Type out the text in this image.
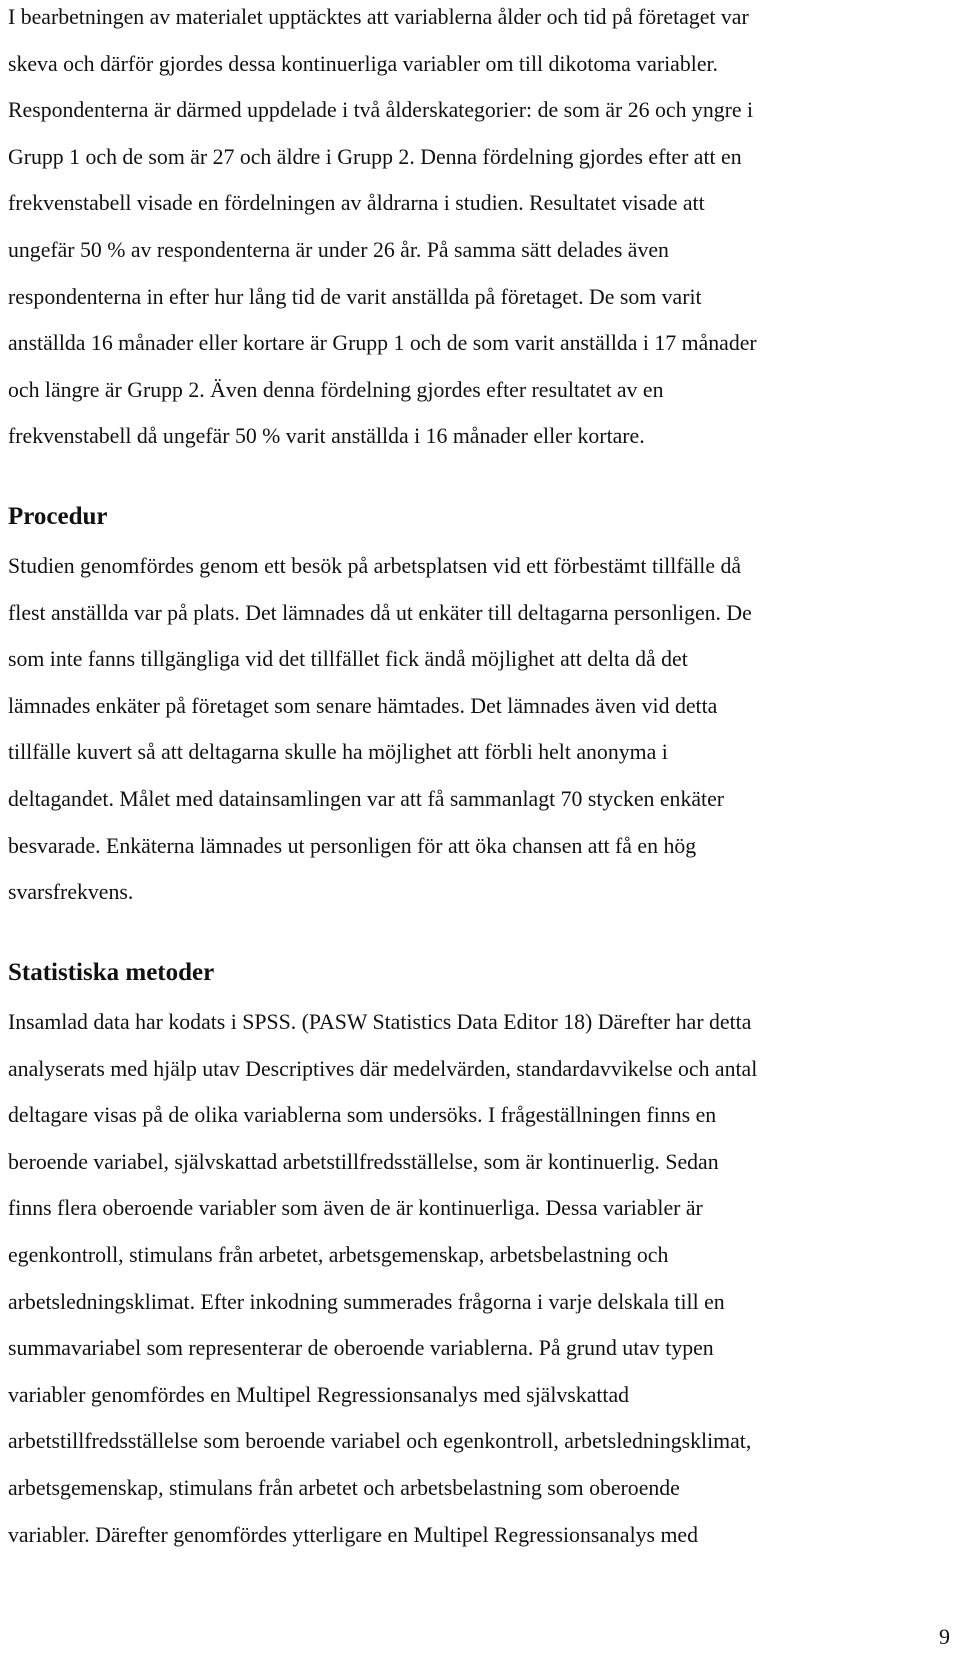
I bearbetningen av materialet upptäcktes att variablerna ålder och tid på företaget var
skeva och därför gjordes dessa kontinuerliga variabler om till dikotoma variabler.
Respondenterna är därmed uppdelade i två ålderskategorier: de som är 26 och yngre i
Grupp 1 och de som är 27 och äldre i Grupp 2. Denna fördelning gjordes efter att en
frekvenstabell visade en fördelningen av åldrarna i studien. Resultatet visade att
ungefär 50 % av respondenterna är under 26 år. På samma sätt delades även
respondenterna in efter hur lång tid de varit anställda på företaget. De som varit
anställda 16 månader eller kortare är Grupp 1 och de som varit anställda i 17 månader
och längre är Grupp 2. Även denna fördelning gjordes efter resultatet av en
frekvenstabell då ungefär 50 % varit anställda i 16 månader eller kortare.

Procedur

Studien genomfördes genom ett besök på arbetsplatsen vid ett förbestämt tillfälle då
flest anställda var på plats. Det lämnades då ut enkäter till deltagarna personligen. De
som inte fanns tillgängliga vid det tillfället fick ändå möjlighet att delta då det
lämnades enkäter på företaget som senare hämtades. Det lämnades även vid detta
tillfälle kuvert så att deltagarna skulle ha möjlighet att förbli helt anonyma i
deltagandet. Målet med datainsamlingen var att få sammanlagt 70 stycken enkäter
besvarade. Enkäterna lämnades ut personligen för att öka chansen att få en hög
svarsfrekvens.

Statistiska metoder

Insamlad data har kodats i SPSS. (PASW Statistics Data Editor 18) Därefter har detta
analyserats med hjälp utav Descriptives där medelvärden, standardavvikelse och antal
deltagare visas på de olika variablerna som undersöks. I frågeställningen finns en
beroende variabel, självskattad arbetstillfredsställelse, som är kontinuerlig. Sedan
finns flera oberoende variabler som även de är kontinuerliga. Dessa variabler är
egenkontroll, stimulans från arbetet, arbetsgemenskap, arbetsbelastning och
arbetsledningsklimat. Efter inkodning summerades frågorna i varje delskala till en
summavariabel som representerar de oberoende variablerna. På grund utav typen
variabler genomfördes en Multipel Regressionsanalys med självskattad
arbetstillfredsställelse som beroende variabel och egenkontroll, arbetsledningsklimat,
arbetsgemenskap, stimulans från arbetet och arbetsbelastning som oberoende
variabler. Därefter genomfördes ytterligare en Multipel Regressionsanalys med

9
